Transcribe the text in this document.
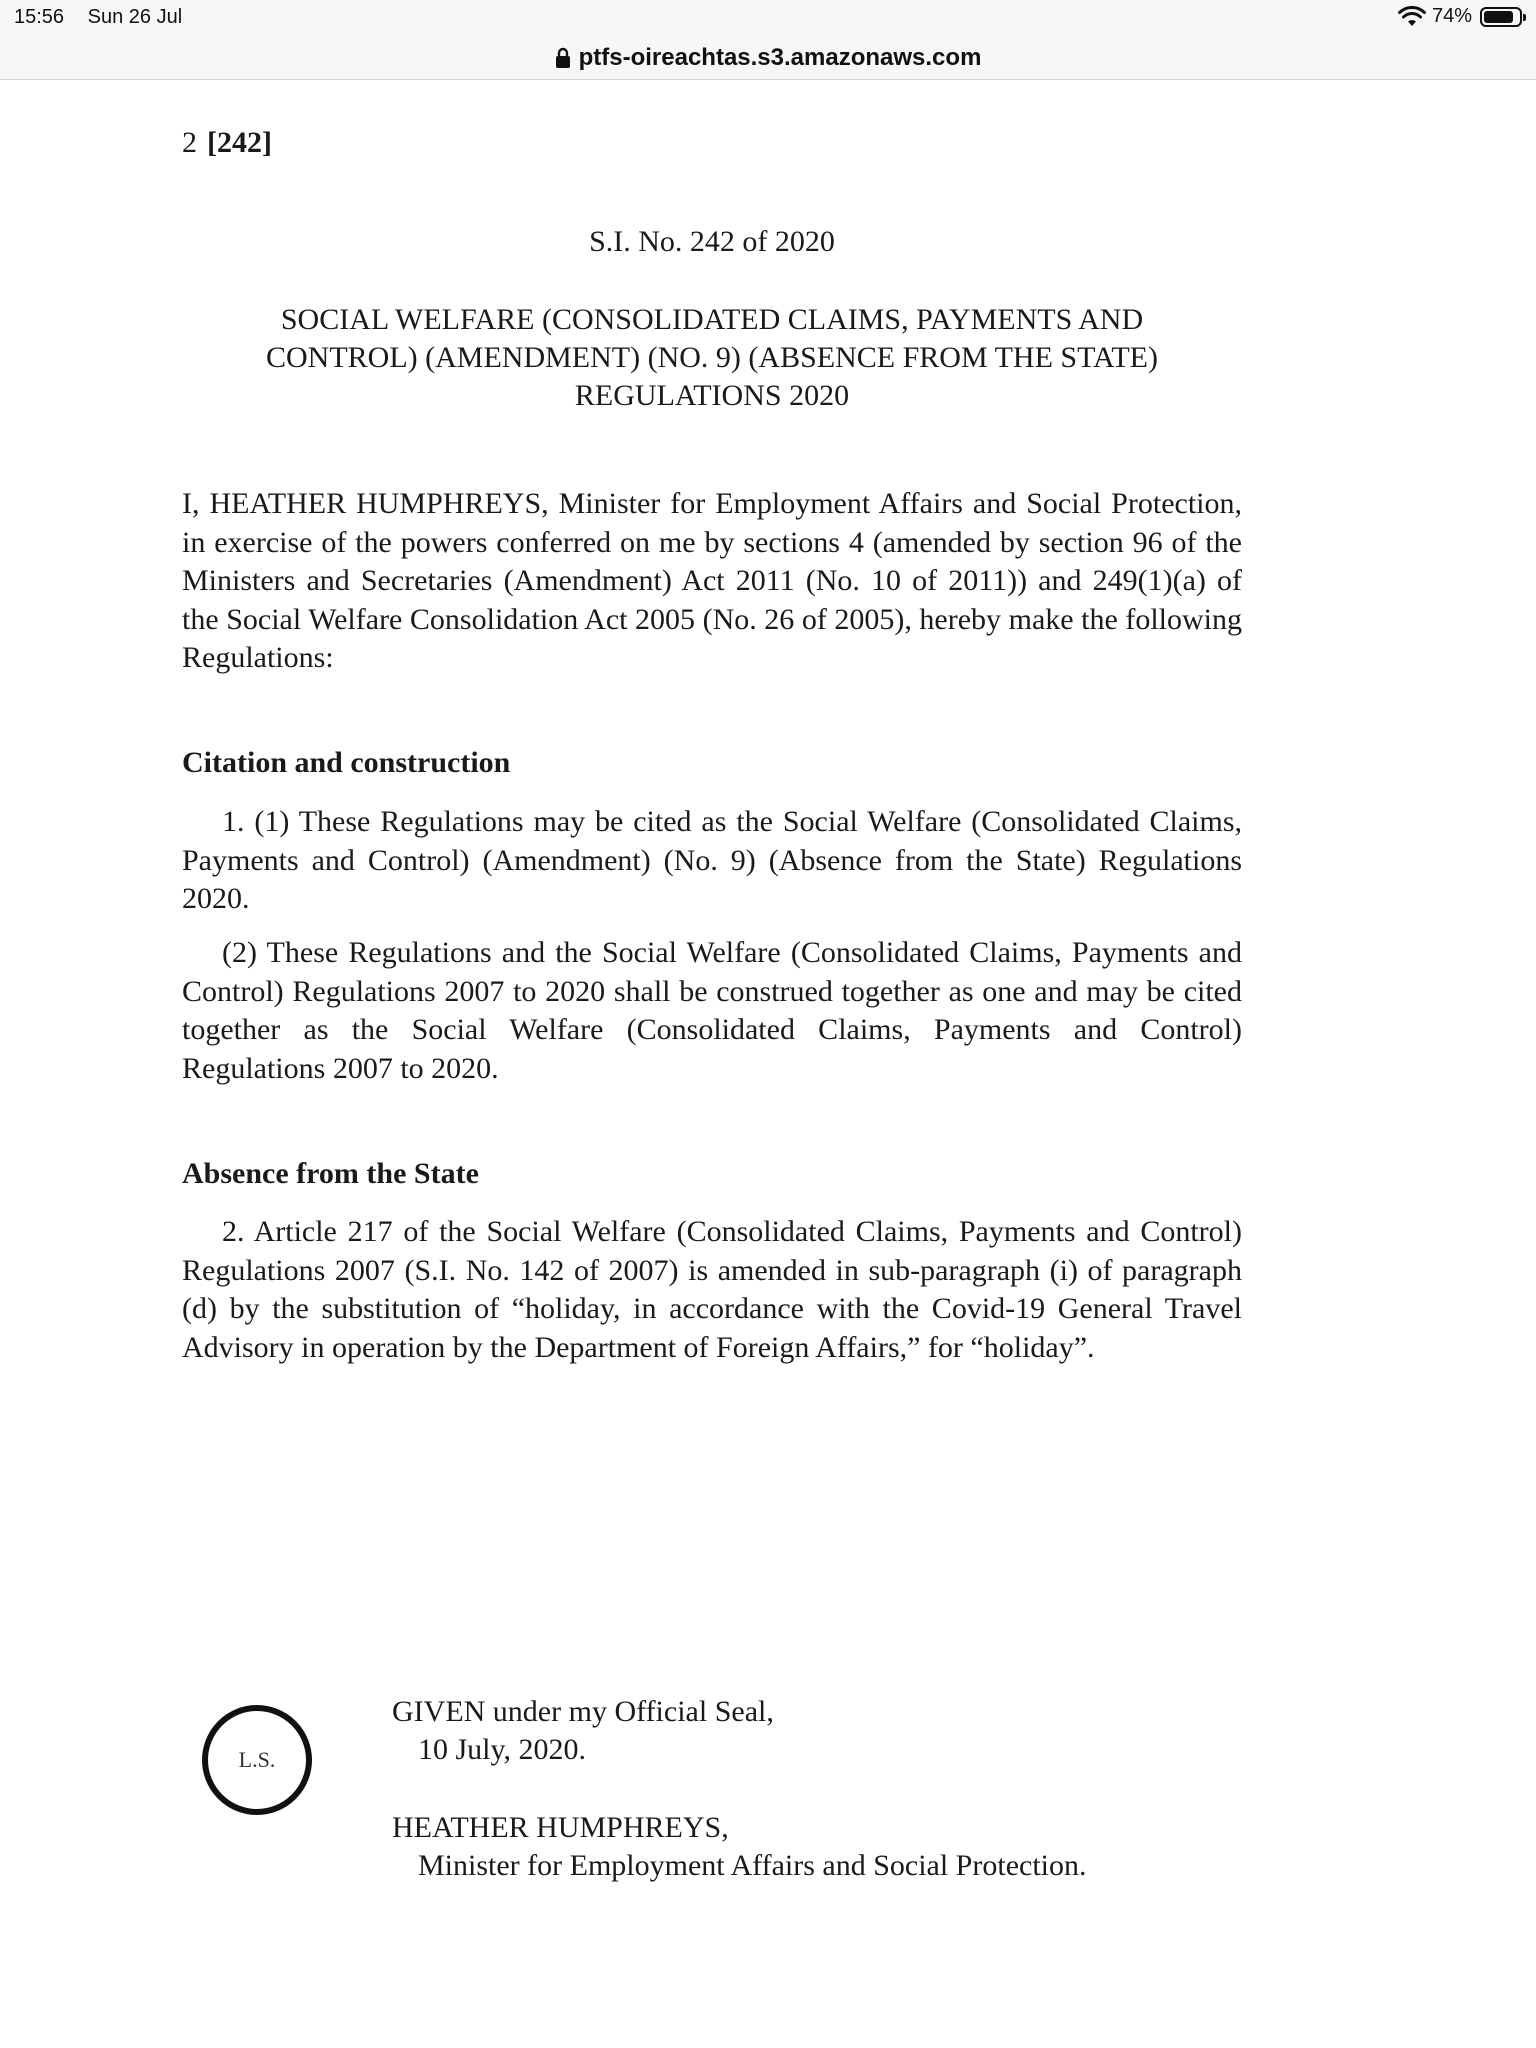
15:56 Sun 26 Jul	74%
ptfs-oireachtas.s3.amazonaws.com
2 [242]
S.I. No. 242 of 2020
SOCIAL WELFARE (CONSOLIDATED CLAIMS, PAYMENTS AND
CONTROL) (AMENDMENT) (NO. 9) (ABSENCE FROM THE STATE)
REGULATIONS 2020
I, HEATHER HUMPHREYS, Minister for Employment Affairs and Social Protection, in exercise of the powers conferred on me by sections 4 (amended by section 96 of the Ministers and Secretaries (Amendment) Act 2011 (No. 10 of 2011)) and 249(1)(a) of the Social Welfare Consolidation Act 2005 (No. 26 of 2005), hereby make the following Regulations:
Citation and construction
1. (1) These Regulations may be cited as the Social Welfare (Consolidated Claims, Payments and Control) (Amendment) (No. 9) (Absence from the State) Regulations 2020.
(2) These Regulations and the Social Welfare (Consolidated Claims, Payments and Control) Regulations 2007 to 2020 shall be construed together as one and may be cited together as the Social Welfare (Consolidated Claims, Payments and Control) Regulations 2007 to 2020.
Absence from the State
2. Article 217 of the Social Welfare (Consolidated Claims, Payments and Control) Regulations 2007 (S.I. No. 142 of 2007) is amended in sub-paragraph (i) of paragraph (d) by the substitution of “holiday, in accordance with the Covid-19 General Travel Advisory in operation by the Department of Foreign Affairs,” for “holiday”.
L.S.
GIVEN under my Official Seal,
10 July, 2020.
HEATHER HUMPHREYS,
Minister for Employment Affairs and Social Protection.
